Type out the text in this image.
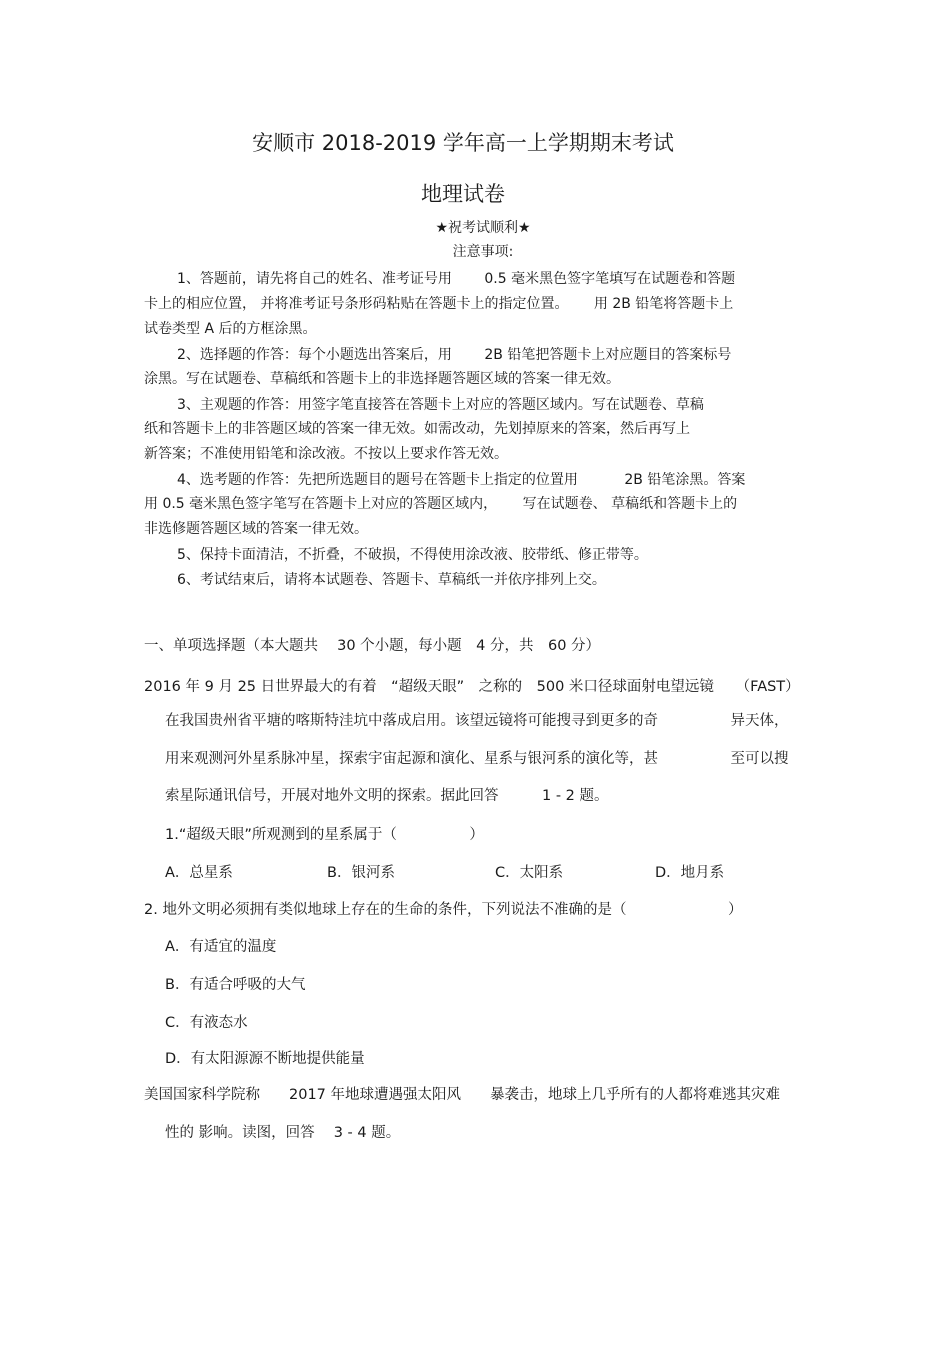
安顺市 2018-2019 学年高一上学期期末考试
地理试卷
★祝考试顺利★
注意事项:
1、答题前，请先将自己的姓名、准考证号用　　 0.5 毫米黑色签字笔填写在试题卷和答题
卡上的相应位置， 并将准考证号条形码粘贴在答题卡上的指定位置。　　 用 2B 铅笔将答题卡上
试卷类型 A 后的方框涂黑。
2、选择题的作答：每个小题选出答案后，用　　 2B 铅笔把答题卡上对应题目的答案标号
涂黑。写在试题卷、草稿纸和答题卡上的非选择题答题区域的答案一律无效。
3、主观题的作答：用签字笔直接答在答题卡上对应的答题区域内。写在试题卷、草稿
纸和答题卡上的非答题区域的答案一律无效。如需改动，先划掉原来的答案，然后再写上
新答案；不准使用铅笔和涂改液。不按以上要求作答无效。
4、选考题的作答：先把所选题目的题号在答题卡上指定的位置用　　　 2B 铅笔涂黑。答案
用 0.5 毫米黑色签字笔写在答题卡上对应的答题区域内，　　 写在试题卷、 草稿纸和答题卡上的
非选修题答题区域的答案一律无效。
5、保持卡面清洁，不折叠，不破损，不得使用涂改液、胶带纸、修正带等。
6、考试结束后，请将本试题卷、答题卡、草稿纸一并依序排列上交。
一、单项选择题（本大题共　 30 个小题，每小题　4 分，共　60 分）
2016 年 9 月 25 日世界最大的有着　“超级天眼”　之称的　500 米口径球面射电望远镜　　（FAST）
在我国贵州省平塘的喀斯特洼坑中落成启用。该望远镜将可能搜寻到更多的奇　　　　　异天体，
用来观测河外星系脉冲星，探索宇宙起源和演化、星系与银河系的演化等，甚　　　　　至可以搜
索星际通讯信号，开展对地外文明的探索。据此回答　　　1 - 2 题。
1.“超级天眼”所观测到的星系属于（　　　　　）
A．总星系	B．银河系	C．太阳系	D．地月系
2. 地外文明必须拥有类似地球上存在的生命的条件，下列说法不准确的是（　　　　　　　）
A．有适宜的温度
B．有适合呼吸的大气
C．有液态水
D．有太阳源源不断地提供能量
美国国家科学院称　　2017 年地球遭遇强太阳风　　暴袭击，地球上几乎所有的人都将难逃其灾难
性的 影响。读图，回答　 3 - 4 题。
